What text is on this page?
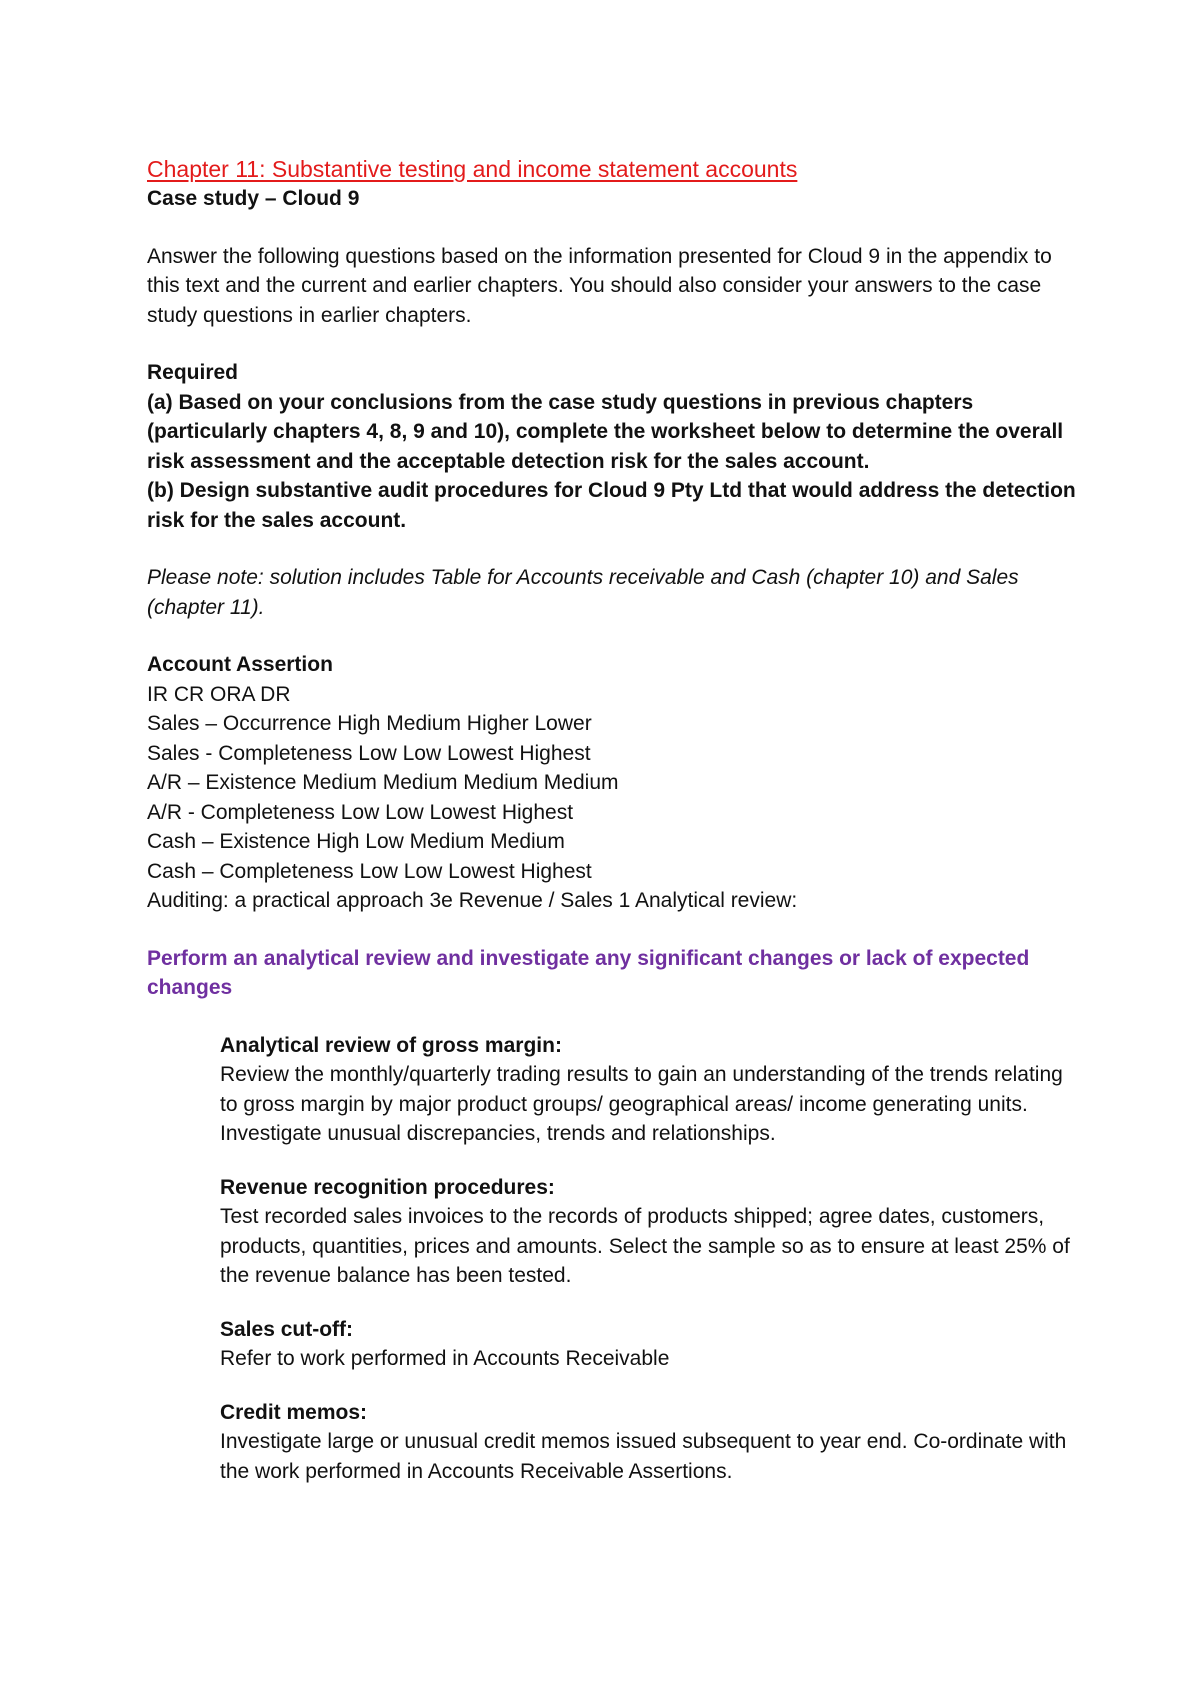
Chapter 11: Substantive testing and income statement accounts

Case study – Cloud 9

Answer the following questions based on the information presented for Cloud 9 in the appendix to this text and the current and earlier chapters. You should also consider your answers to the case study questions in earlier chapters.

Required

(a) Based on your conclusions from the case study questions in previous chapters (particularly chapters 4, 8, 9 and 10), complete the worksheet below to determine the overall risk assessment and the acceptable detection risk for the sales account.

(b) Design substantive audit procedures for Cloud 9 Pty Ltd that would address the detection risk for the sales account.

Please note: solution includes Table for Accounts receivable and Cash (chapter 10) and Sales (chapter 11).

Account Assertion

IR CR ORA DR

Sales – Occurrence High Medium Higher Lower

Sales - Completeness Low Low Lowest Highest

A/R – Existence Medium Medium Medium Medium

A/R - Completeness Low Low Lowest Highest

Cash – Existence High Low Medium Medium

Cash – Completeness Low Low Lowest Highest

Auditing: a practical approach 3e Revenue / Sales 1 Analytical review:

Perform an analytical review and investigate any significant changes or lack of expected changes

Analytical review of gross margin:

Review the monthly/quarterly trading results to gain an understanding of the trends relating to gross margin by major product groups/ geographical areas/ income generating units. Investigate unusual discrepancies, trends and relationships.

Revenue recognition procedures:

Test recorded sales invoices to the records of products shipped; agree dates, customers, products, quantities, prices and amounts. Select the sample so as to ensure at least 25% of the revenue balance has been tested.

Sales cut-off:

Refer to work performed in Accounts Receivable

Credit memos:

Investigate large or unusual credit memos issued subsequent to year end. Co-ordinate with the work performed in Accounts Receivable Assertions.
